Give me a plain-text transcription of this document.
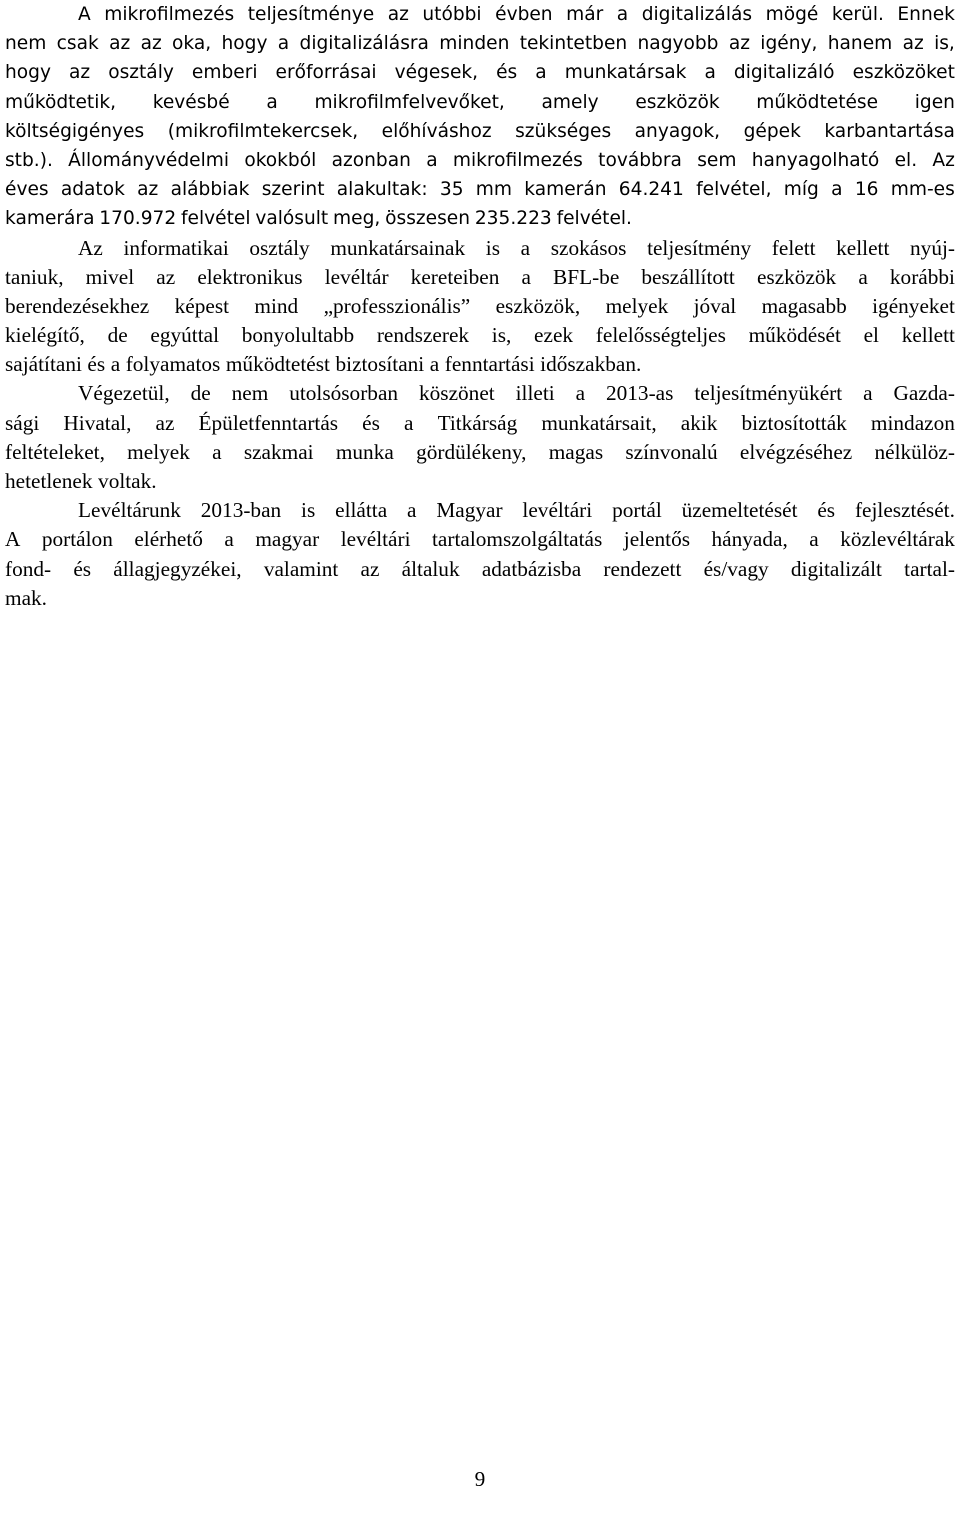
A mikrofilmezés teljesítménye az utóbbi évben már a digitalizálás mögé kerül. Ennek
nem csak az az oka, hogy a digitalizálásra minden tekintetben nagyobb az igény, hanem az is,
hogy az osztály emberi erőforrásai végesek, és a munkatársak a digitalizáló eszközöket
működtetik, kevésbé a mikrofilmfelvevőket, amely eszközök működtetése igen
költségigényes (mikrofilmtekercsek, előhíváshoz szükséges anyagok, gépek karbantartása
stb.). Állományvédelmi okokból azonban a mikrofilmezés továbbra sem hanyagolható el. Az
éves adatok az alábbiak szerint alakultak: 35 mm kamerán 64.241 felvétel, míg a 16 mm-es
kamerára 170.972 felvétel valósult meg, összesen 235.223 felvétel.
Az informatikai osztály munkatársainak is a szokásos teljesítmény felett kellett nyúj-
taniuk, mivel az elektronikus levéltár kereteiben a BFL-be beszállított eszközök a korábbi
berendezésekhez képest mind „professzionális” eszközök, melyek jóval magasabb igényeket
kielégítő, de egyúttal bonyolultabb rendszerek is, ezek felelősségteljes működését el kellett
sajátítani és a folyamatos működtetést biztosítani a fenntartási időszakban.
Végezetül, de nem utolsósorban köszönet illeti a 2013-as teljesítményükért a Gazda-
sági Hivatal, az Épületfenntartás és a Titkárság munkatársait, akik biztosították mindazon
feltételeket, melyek a szakmai munka gördülékeny, magas színvonalú elvégzéséhez nélkülöz-
hetetlenek voltak.
Levéltárunk 2013-ban is ellátta a Magyar levéltári portál üzemeltetését és fejlesztését.
A portálon elérhető a magyar levéltári tartalomszolgáltatás jelentős hányada, a közlevéltárak
fond- és állagjegyzékei, valamint az általuk adatbázisba rendezett és/vagy digitalizált tartal-
mak.
9
